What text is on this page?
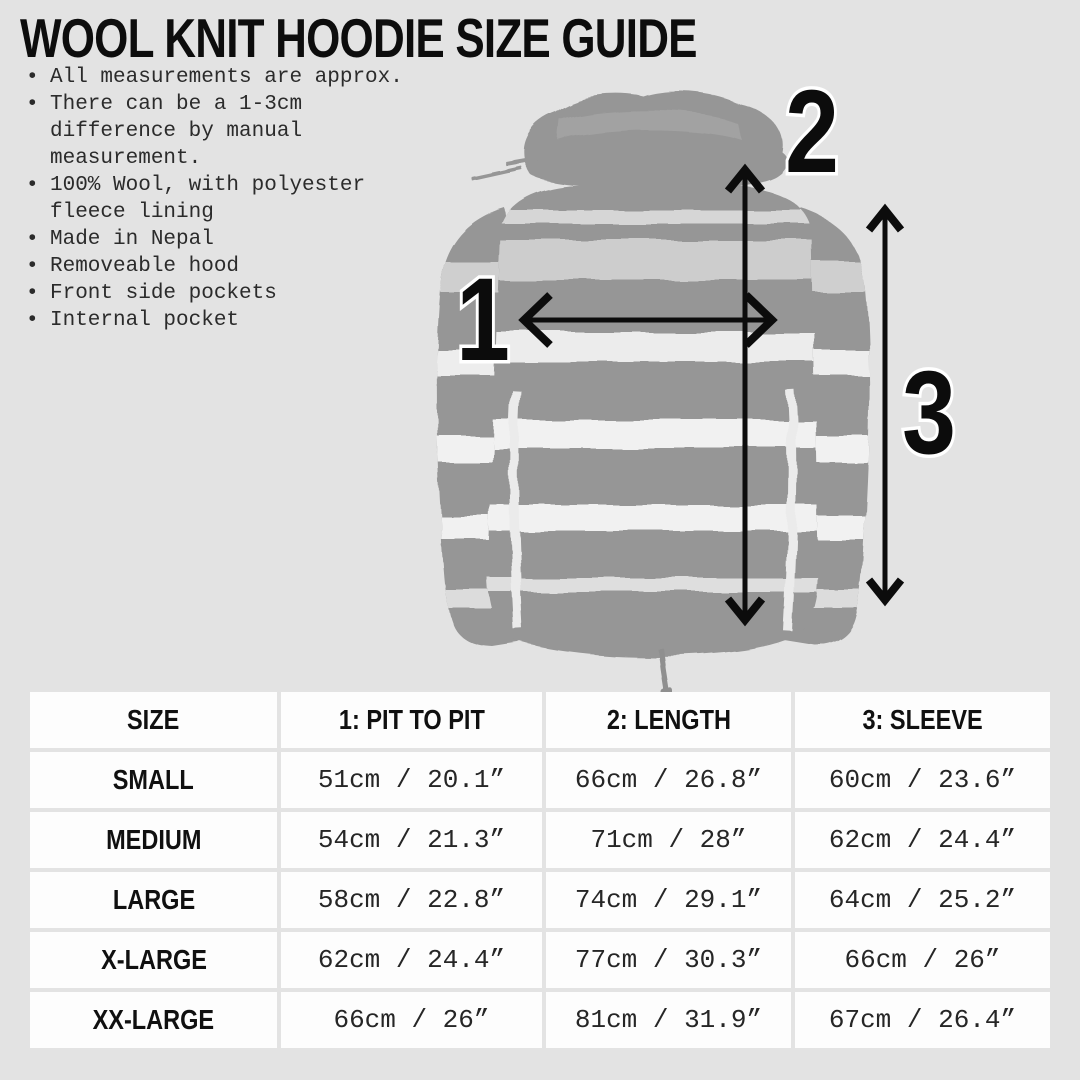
WOOL KNIT HOODIE SIZE GUIDE
• All measurements are approx.
• There can be a 1-3cm difference by manual measurement.
• 100% Wool, with polyester fleece lining
• Made in Nepal
• Removeable hood
• Front side pockets
• Internal pocket	1
2
3
SIZE	1: PIT TO PIT	2: LENGTH	3: SLEEVE
SMALL	51cm / 20.1”	66cm / 26.8”	60cm / 23.6”
MEDIUM	54cm / 21.3”	71cm / 28”	62cm / 24.4”
LARGE	58cm / 22.8”	74cm / 29.1”	64cm / 25.2”
X-LARGE	62cm / 24.4”	77cm / 30.3”	66cm / 26”
XX-LARGE	66cm / 26”	81cm / 31.9”	67cm / 26.4”
